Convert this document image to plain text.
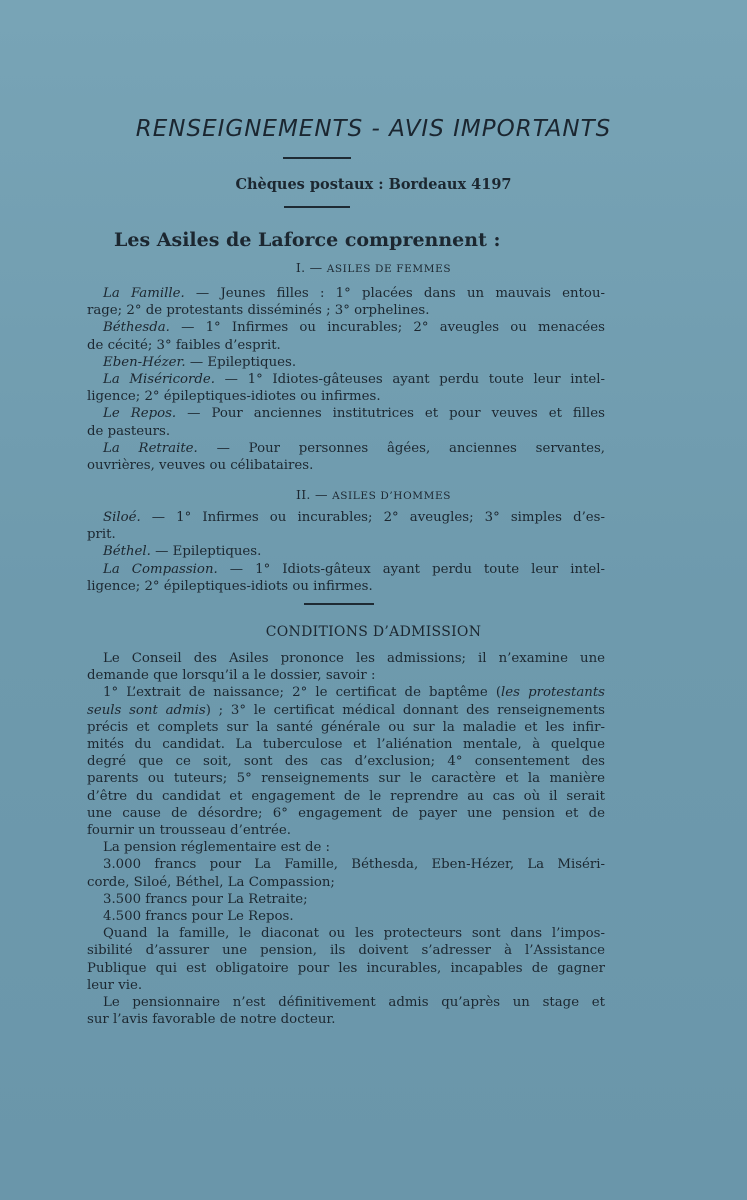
RENSEIGNEMENTS - AVIS IMPORTANTS
Chèques postaux : Bordeaux 4197
Les Asiles de Laforce comprennent :
I. — ASILES DE FEMMES
La Famille. — Jeunes filles : 1° placées dans un mauvais entou-
rage; 2° de protestants disséminés ; 3° orphelines.
Béthesda. — 1° Infirmes ou incurables; 2° aveugles ou menacées
de cécité; 3° faibles d’esprit.
Eben-Hézer. — Epileptiques.
La Miséricorde. — 1° Idiotes-gâteuses ayant perdu toute leur intel-
ligence; 2° épileptiques-idiotes ou infirmes.
Le Repos. — Pour anciennes institutrices et pour veuves et filles
de pasteurs.
La Retraite. — Pour personnes âgées, anciennes servantes,
ouvrières, veuves ou célibataires.
II. — ASILES D’HOMMES
Siloé. — 1° Infirmes ou incurables; 2° aveugles; 3° simples d’es-
prit.
Béthel. — Epileptiques.
La Compassion. — 1° Idiots-gâteux ayant perdu toute leur intel-
ligence; 2° épileptiques-idiots ou infirmes.
CONDITIONS D’ADMISSION
Le Conseil des Asiles prononce les admissions; il n’examine une
demande que lorsqu’il a le dossier, savoir :
1° L’extrait de naissance; 2° le certificat de baptême (les protestants
seuls sont admis) ; 3° le certificat médical donnant des renseignements
précis et complets sur la santé générale ou sur la maladie et les infir-
mités du candidat. La tuberculose et l’aliénation mentale, à quelque
degré que ce soit, sont des cas d’exclusion; 4° consentement des
parents ou tuteurs; 5° renseignements sur le caractère et la manière
d’être du candidat et engagement de le reprendre au cas où il serait
une cause de désordre; 6° engagement de payer une pension et de
fournir un trousseau d’entrée.
La pension réglementaire est de :
3.000 francs pour La Famille, Béthesda, Eben-Hézer, La Miséri-
corde, Siloé, Béthel, La Compassion;
3.500 francs pour La Retraite;
4.500 francs pour Le Repos.
Quand la famille, le diaconat ou les protecteurs sont dans l’impos-
sibilité d’assurer une pension, ils doivent s’adresser à l’Assistance
Publique qui est obligatoire pour les incurables, incapables de gagner
leur vie.
Le pensionnaire n’est définitivement admis qu’après un stage et
sur l’avis favorable de notre docteur.
